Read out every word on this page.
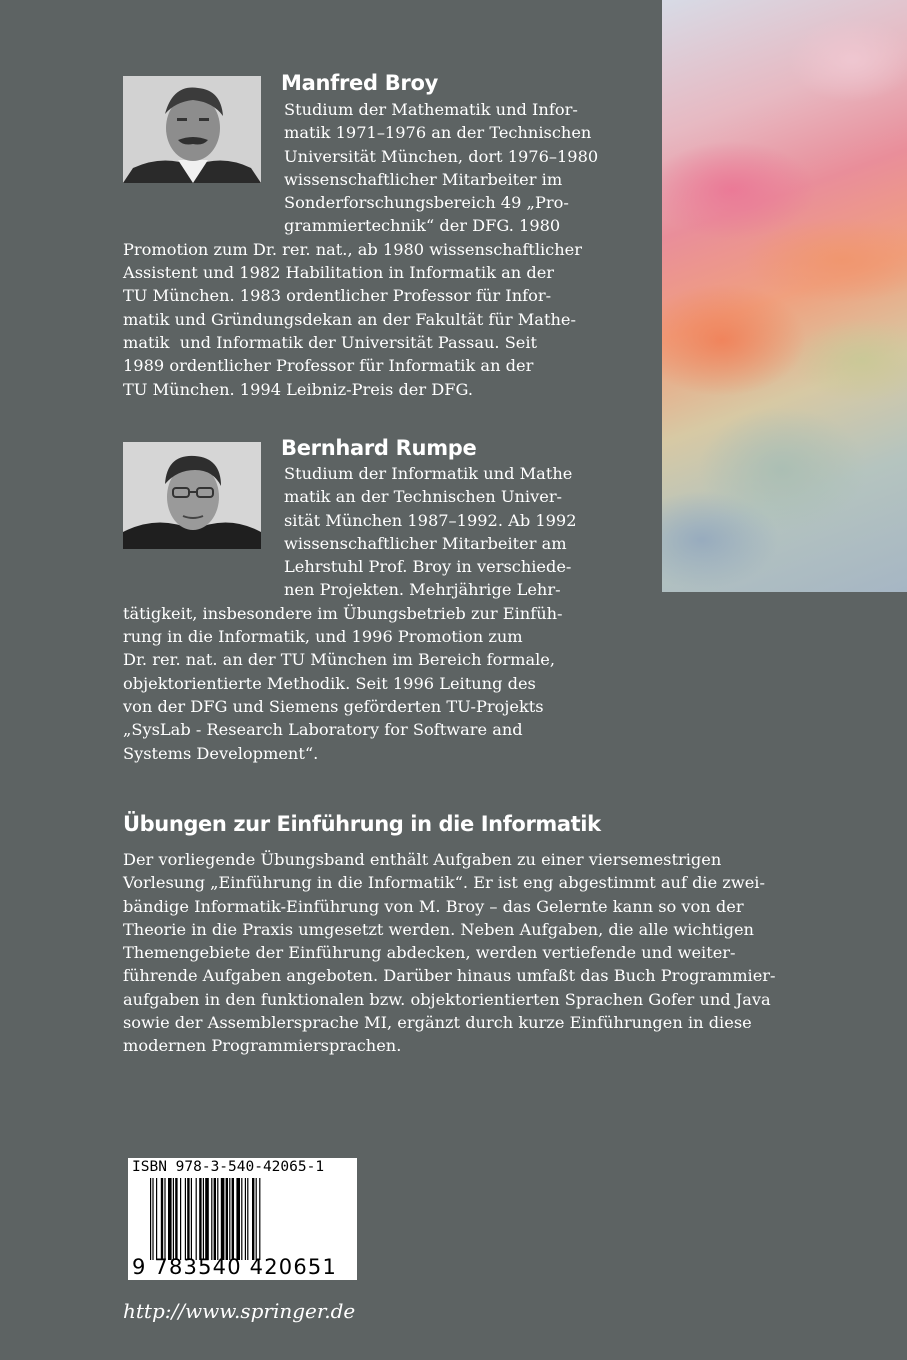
Manfred Broy

Studium der Mathematik und Infor-
matik 1971–1976 an der Technischen
Universität München, dort 1976–1980
wissenschaftlicher Mitarbeiter im
Sonderforschungsbereich 49 „Pro-
grammiertechnik“ der DFG. 1980
Promotion zum Dr. rer. nat., ab 1980 wissenschaftlicher
Assistent und 1982 Habilitation in Informatik an der
TU München. 1983 ordentlicher Professor für Infor-
matik und Gründungsdekan an der Fakultät für Mathe-
matik  und Informatik der Universität Passau. Seit
1989 ordentlicher Professor für Informatik an der
TU München. 1994 Leibniz-Preis der DFG.

Bernhard Rumpe

Studium der Informatik und Mathe
matik an der Technischen Univer-
sität München 1987–1992. Ab 1992
wissenschaftlicher Mitarbeiter am
Lehrstuhl Prof. Broy in verschiede-
nen Projekten. Mehrjährige Lehr-
tätigkeit, insbesondere im Übungsbetrieb zur Einfüh-
rung in die Informatik, und 1996 Promotion zum
Dr. rer. nat. an der TU München im Bereich formale,
objektorientierte Methodik. Seit 1996 Leitung des
von der DFG und Siemens geförderten TU-Projekts
„SysLab - Research Laboratory for Software and
Systems Development“.

Übungen zur Einführung in die Informatik

Der vorliegende Übungsband enthält Aufgaben zu einer viersemestrigen
Vorlesung „Einführung in die Informatik“. Er ist eng abgestimmt auf die zwei-
bändige Informatik-Einführung von M. Broy – das Gelernte kann so von der
Theorie in die Praxis umgesetzt werden. Neben Aufgaben, die alle wichtigen
Themengebiete der Einführung abdecken, werden vertiefende und weiter-
führende Aufgaben angeboten. Darüber hinaus umfaßt das Buch Programmier-
aufgaben in den funktionalen bzw. objektorientierten Sprachen Gofer und Java
sowie der Assemblersprache MI, ergänzt durch kurze Einführungen in diese
modernen Programmiersprachen.
ISBN 978-3-540-42065-1
9 783540 420651
http://www.springer.de
